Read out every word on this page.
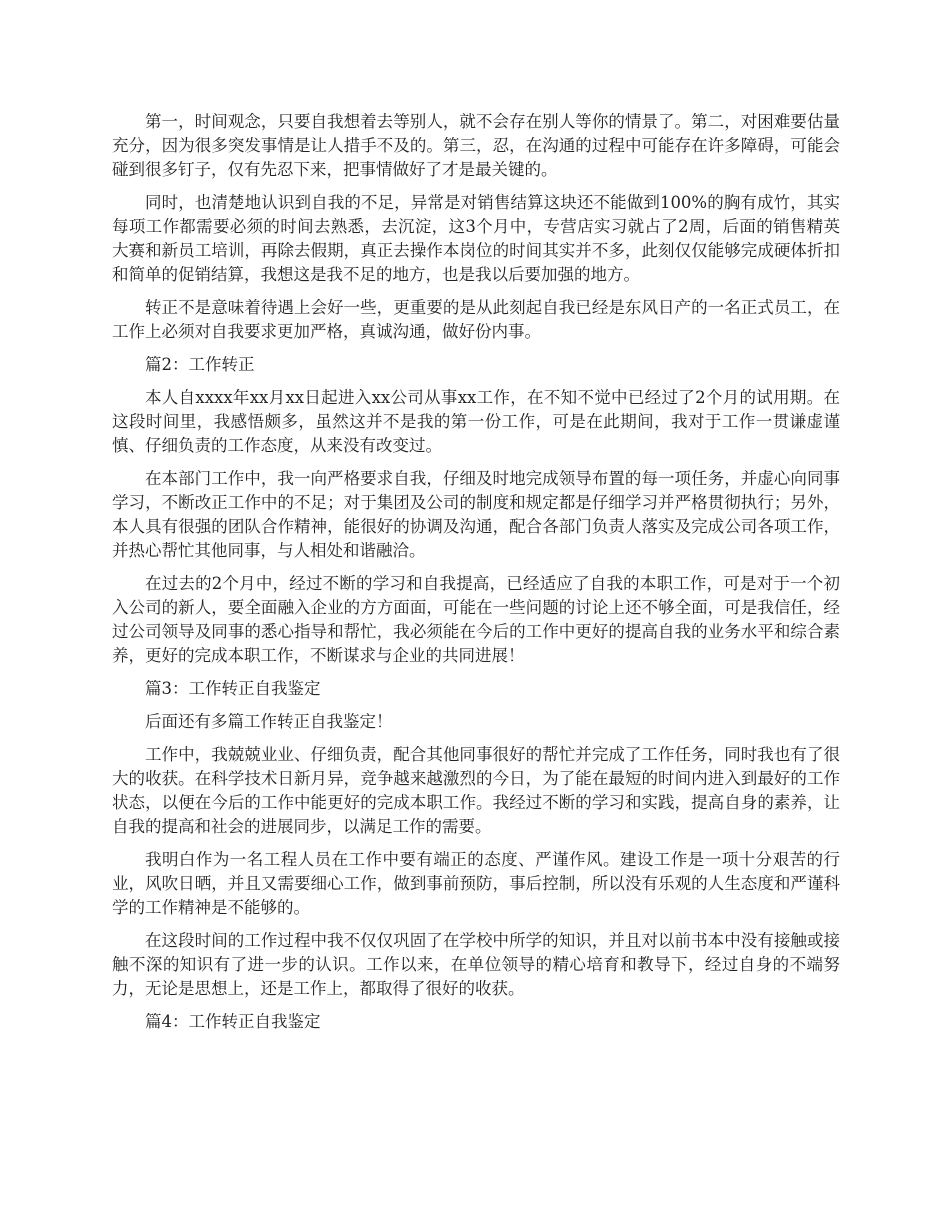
第一，时间观念，只要自我想着去等别人，就不会存在别人等你的情景了。第二，对困难要估量充分，因为很多突发事情是让人措手不及的。第三，忍，在沟通的过程中可能存在许多障碍，可能会碰到很多钉子，仅有先忍下来，把事情做好了才是最关键的。

同时，也清楚地认识到自我的不足，异常是对销售结算这块还不能做到100%的胸有成竹，其实每项工作都需要必须的时间去熟悉，去沉淀，这3个月中，专营店实习就占了2周，后面的销售精英大赛和新员工培训，再除去假期，真正去操作本岗位的时间其实并不多，此刻仅仅能够完成硬体折扣和简单的促销结算，我想这是我不足的地方，也是我以后要加强的地方。

转正不是意味着待遇上会好一些，更重要的是从此刻起自我已经是东风日产的一名正式员工，在工作上必须对自我要求更加严格，真诚沟通，做好份内事。

篇2：工作转正

本人自xxxx年xx月xx日起进入xx公司从事xx工作，在不知不觉中已经过了2个月的试用期。在这段时间里，我感悟颇多，虽然这并不是我的第一份工作，可是在此期间，我对于工作一贯谦虚谨慎、仔细负责的工作态度，从来没有改变过。

在本部门工作中，我一向严格要求自我，仔细及时地完成领导布置的每一项任务，并虚心向同事学习，不断改正工作中的不足；对于集团及公司的制度和规定都是仔细学习并严格贯彻执行；另外，本人具有很强的团队合作精神，能很好的协调及沟通，配合各部门负责人落实及完成公司各项工作，并热心帮忙其他同事，与人相处和谐融洽。

在过去的2个月中，经过不断的学习和自我提高，已经适应了自我的本职工作，可是对于一个初入公司的新人，要全面融入企业的方方面面，可能在一些问题的讨论上还不够全面，可是我信任，经过公司领导及同事的悉心指导和帮忙，我必须能在今后的工作中更好的提高自我的业务水平和综合素养，更好的完成本职工作，不断谋求与企业的共同进展！

篇3：工作转正自我鉴定

后面还有多篇工作转正自我鉴定！

工作中，我兢兢业业、仔细负责，配合其他同事很好的帮忙并完成了工作任务，同时我也有了很大的收获。在科学技术日新月异，竞争越来越激烈的今日，为了能在最短的时间内进入到最好的工作状态，以便在今后的工作中能更好的完成本职工作。我经过不断的学习和实践，提高自身的素养，让自我的提高和社会的进展同步，以满足工作的需要。

我明白作为一名工程人员在工作中要有端正的态度、严谨作风。建设工作是一项十分艰苦的行业，风吹日晒，并且又需要细心工作，做到事前预防，事后控制，所以没有乐观的人生态度和严谨科学的工作精神是不能够的。

在这段时间的工作过程中我不仅仅巩固了在学校中所学的知识，并且对以前书本中没有接触或接触不深的知识有了进一步的认识。工作以来，在单位领导的精心培育和教导下，经过自身的不端努力，无论是思想上，还是工作上，都取得了很好的收获。

篇4：工作转正自我鉴定
